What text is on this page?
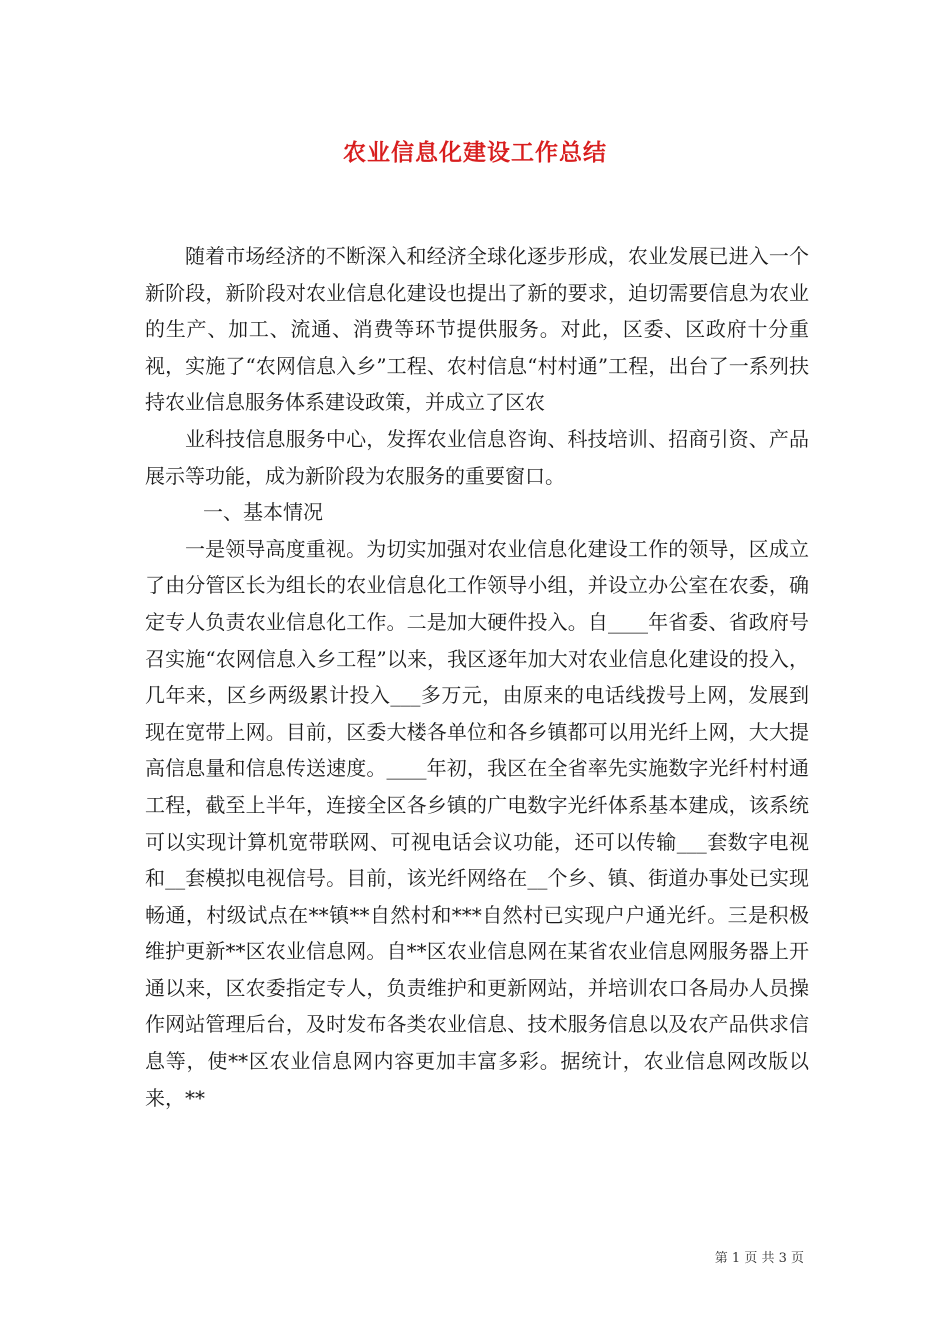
农业信息化建设工作总结

随着市场经济的不断深入和经济全球化逐步形成，农业发展已进入一个新阶段，新阶段对农业信息化建设也提出了新的要求，迫切需要信息为农业的生产、加工、流通、消费等环节提供服务。对此，区委、区政府十分重视，实施了“农网信息入乡”工程、农村信息“村村通”工程，出台了一系列扶持农业信息服务体系建设政策，并成立了区农

业科技信息服务中心，发挥农业信息咨询、科技培训、招商引资、产品展示等功能，成为新阶段为农服务的重要窗口。

一、基本情况

一是领导高度重视。为切实加强对农业信息化建设工作的领导，区成立了由分管区长为组长的农业信息化工作领导小组，并设立办公室在农委，确定专人负责农业信息化工作。二是加大硬件投入。自____年省委、省政府号召实施“农网信息入乡工程”以来，我区逐年加大对农业信息化建设的投入，几年来，区乡两级累计投入___多万元，由原来的电话线拨号上网，发展到现在宽带上网。目前，区委大楼各单位和各乡镇都可以用光纤上网，大大提高信息量和信息传送速度。____年初，我区在全省率先实施数字光纤村村通工程，截至上半年，连接全区各乡镇的广电数字光纤体系基本建成，该系统可以实现计算机宽带联网、可视电话会议功能，还可以传输___套数字电视和__套模拟电视信号。目前，该光纤网络在__个乡、镇、街道办事处已实现畅通，村级试点在**镇**自然村和***自然村已实现户户通光纤。三是积极维护更新**区农业信息网。自**区农业信息网在某省农业信息网服务器上开通以来，区农委指定专人，负责维护和更新网站，并培训农口各局办人员操作网站管理后台，及时发布各类农业信息、技术服务信息以及农产品供求信息等，使**区农业信息网内容更加丰富多彩。据统计，农业信息网改版以来，**

第 1 页 共 3 页
